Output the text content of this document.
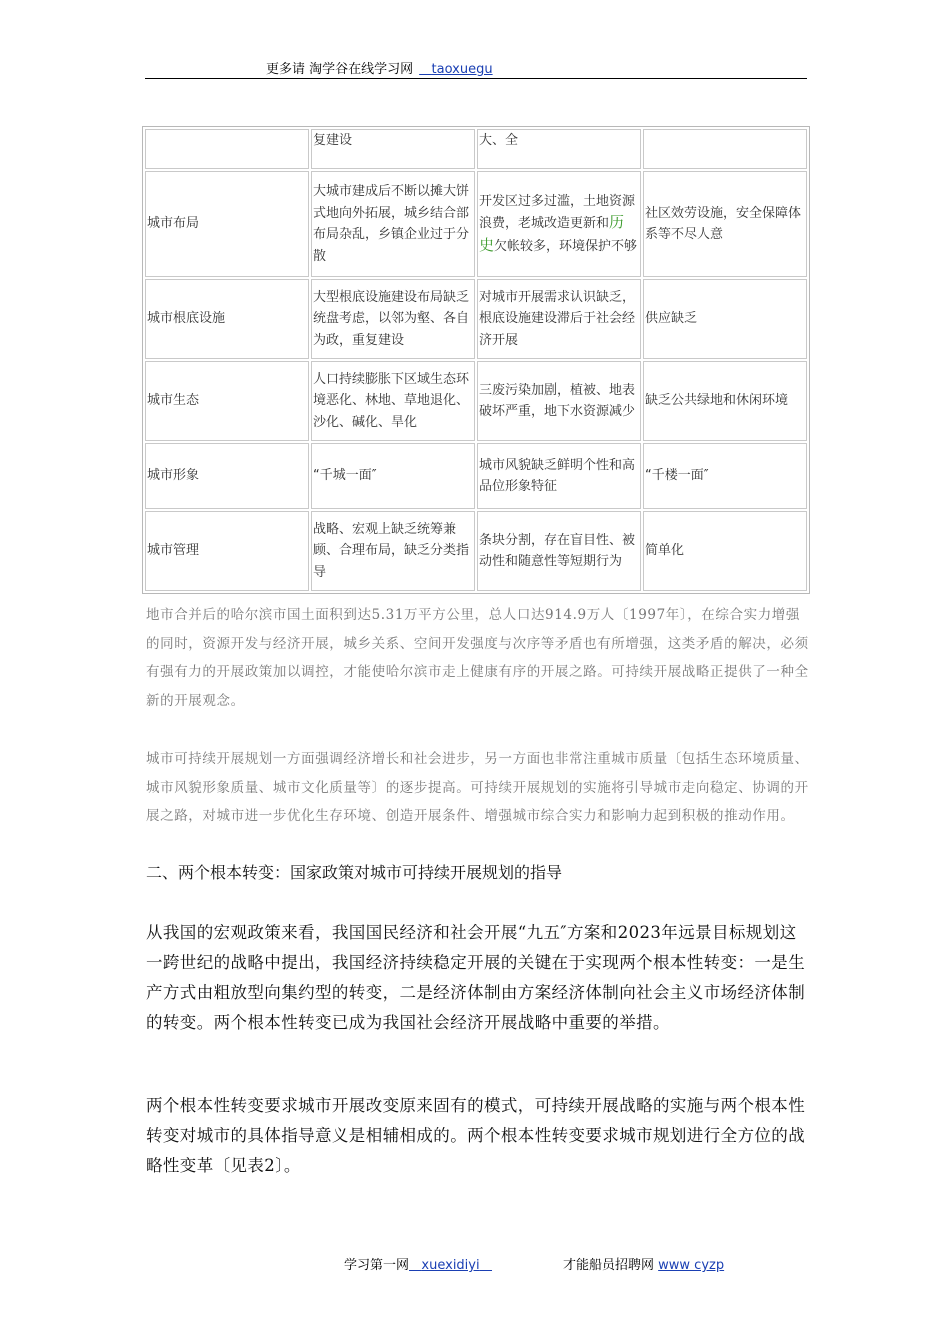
更多请 淘学谷在线学习网 taoxuegu
	复建设	大、全	
城市布局	大城市建成后不断以摊大饼式地向外拓展，城乡结合部布局杂乱，乡镇企业过于分散	开发区过多过滥，土地资源浪费，老城改造更新和历史欠帐较多，环境保护不够	社区效劳设施，安全保障体系等不尽人意
城市根底设施	大型根底设施建设布局缺乏统盘考虑，以邻为壑、各自为政，重复建设	对城市开展需求认识缺乏，根底设施建设滞后于社会经济开展	供应缺乏
城市生态	人口持续膨胀下区域生态环境恶化、林地、草地退化、沙化、碱化、旱化	三废污染加剧，植被、地表破坏严重，地下水资源减少	缺乏公共绿地和休闲环境
城市形象	“千城一面″	城市风貌缺乏鲜明个性和高品位形象特征	“千楼一面″
城市管理	战略、宏观上缺乏统筹兼顾、合理布局，缺乏分类指导	条块分割，存在盲目性、被动性和随意性等短期行为	简单化
地市合并后的哈尔滨市国土面积到达5.31万平方公里，总人口达914.9万人〔1997年〕，在综合实力增强的同时，资源开发与经济开展，城乡关系、空间开发强度与次序等矛盾也有所增强，这类矛盾的解决，必须有强有力的开展政策加以调控，才能使哈尔滨市走上健康有序的开展之路。可持续开展战略正提供了一种全新的开展观念。
城市可持续开展规划一方面强调经济增长和社会进步，另一方面也非常注重城市质量〔包括生态环境质量、城市风貌形象质量、城市文化质量等〕的逐步提高。可持续开展规划的实施将引导城市走向稳定、协调的开展之路，对城市进一步优化生存环境、创造开展条件、增强城市综合实力和影响力起到积极的推动作用。
二、两个根本转变：国家政策对城市可持续开展规划的指导
从我国的宏观政策来看，我国国民经济和社会开展“九五″方案和2023年远景目标规划这一跨世纪的战略中提出，我国经济持续稳定开展的关键在于实现两个根本性转变：一是生产方式由粗放型向集约型的转变，二是经济体制由方案经济体制向社会主义市场经济体制的转变。两个根本性转变已成为我国社会经济开展战略中重要的举措。
两个根本性转变要求城市开展改变原来固有的模式，可持续开展战略的实施与两个根本性转变对城市的具体指导意义是相辅相成的。两个根本性转变要求城市规划进行全方位的战略性变革〔见表2〕。
学习第一网 xuexidiyi	才能船员招聘网 www cyzp
